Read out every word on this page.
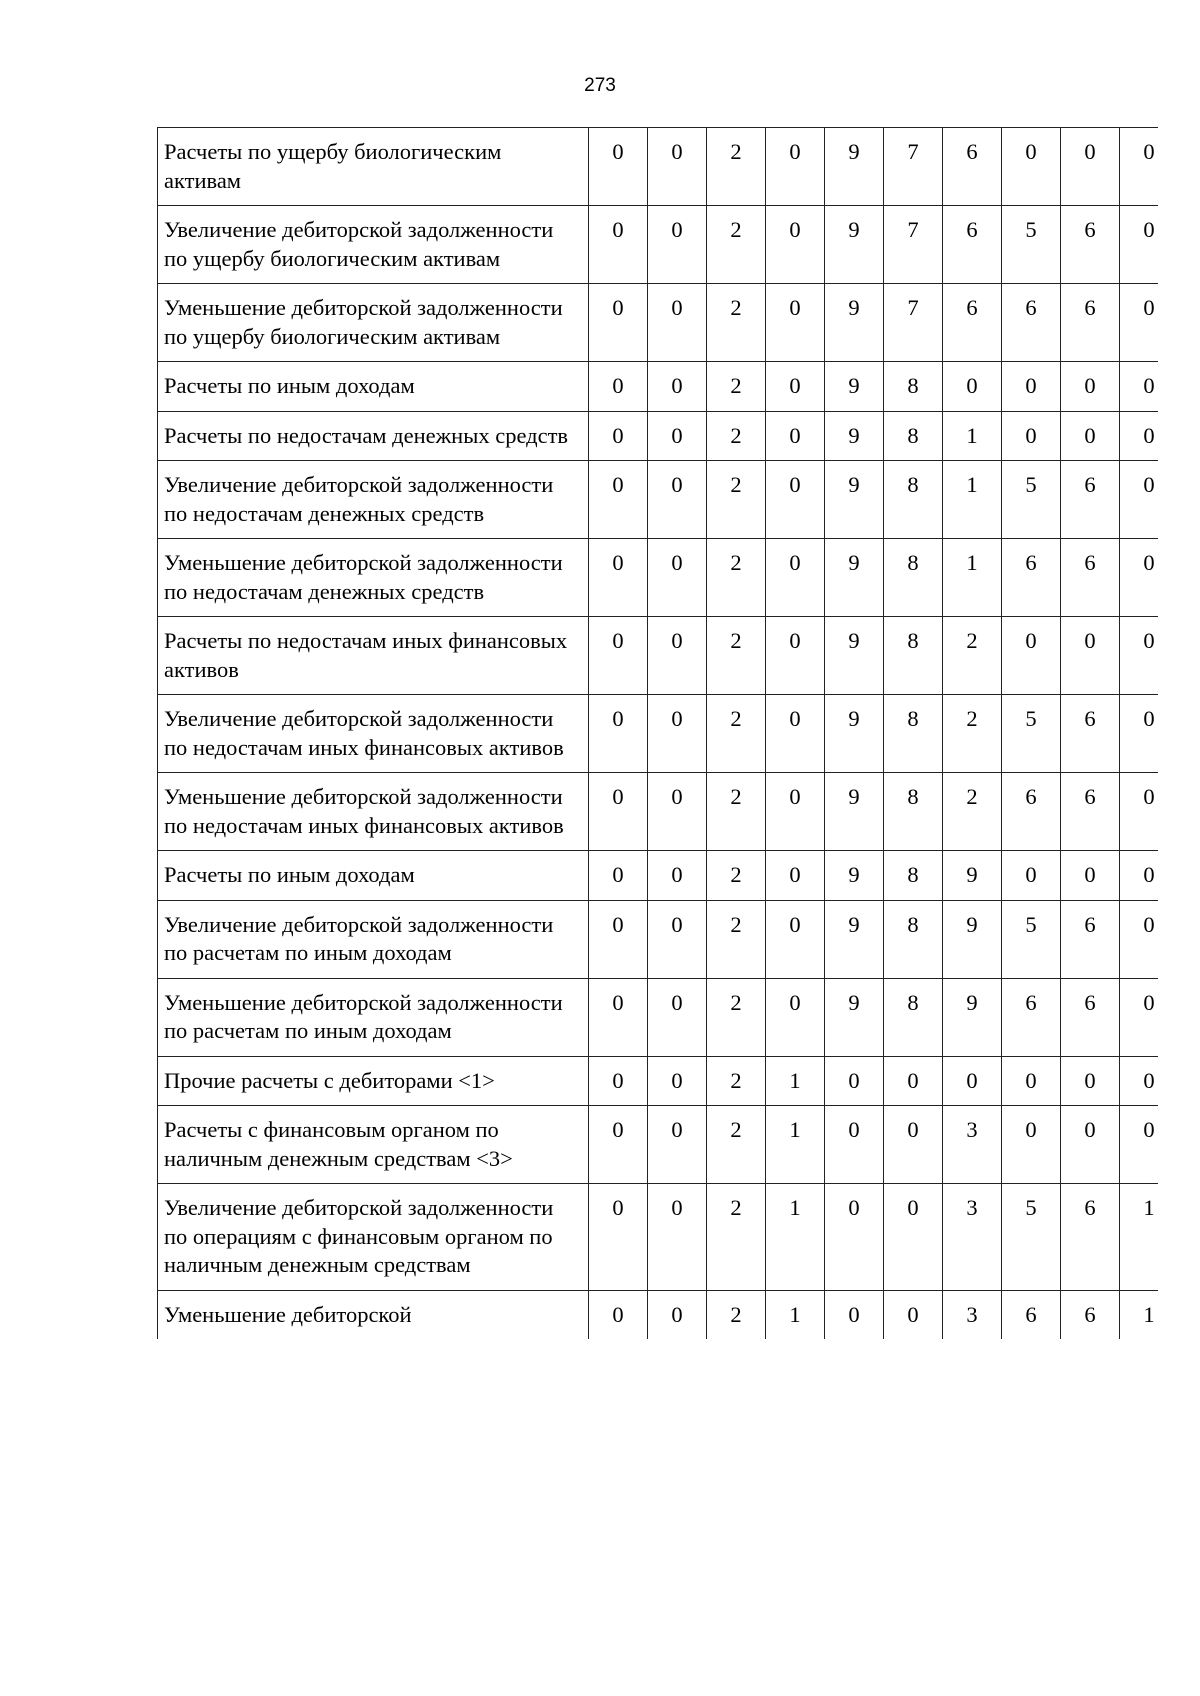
273
Расчеты по ущербу биологическим активам	0	0	2	0	9	7	6	0	0	0
Увеличение дебиторской задолженности по ущербу биологическим активам	0	0	2	0	9	7	6	5	6	0
Уменьшение дебиторской задолженности по ущербу биологическим активам	0	0	2	0	9	7	6	6	6	0
Расчеты по иным доходам	0	0	2	0	9	8	0	0	0	0
Расчеты по недостачам денежных средств	0	0	2	0	9	8	1	0	0	0
Увеличение дебиторской задолженности по недостачам денежных средств	0	0	2	0	9	8	1	5	6	0
Уменьшение дебиторской задолженности по недостачам денежных средств	0	0	2	0	9	8	1	6	6	0
Расчеты по недостачам иных финансовых активов	0	0	2	0	9	8	2	0	0	0
Увеличение дебиторской задолженности по недостачам иных финансовых активов	0	0	2	0	9	8	2	5	6	0
Уменьшение дебиторской задолженности по недостачам иных финансовых активов	0	0	2	0	9	8	2	6	6	0
Расчеты по иным доходам	0	0	2	0	9	8	9	0	0	0
Увеличение дебиторской задолженности по расчетам по иным доходам	0	0	2	0	9	8	9	5	6	0
Уменьшение дебиторской задолженности по расчетам по иным доходам	0	0	2	0	9	8	9	6	6	0
Прочие расчеты с дебиторами <1>	0	0	2	1	0	0	0	0	0	0
Расчеты с финансовым органом по наличным денежным средствам <3>	0	0	2	1	0	0	3	0	0	0
Увеличение дебиторской задолженности по операциям с финансовым органом по наличным денежным средствам	0	0	2	1	0	0	3	5	6	1
Уменьшение дебиторской	0	0	2	1	0	0	3	6	6	1
